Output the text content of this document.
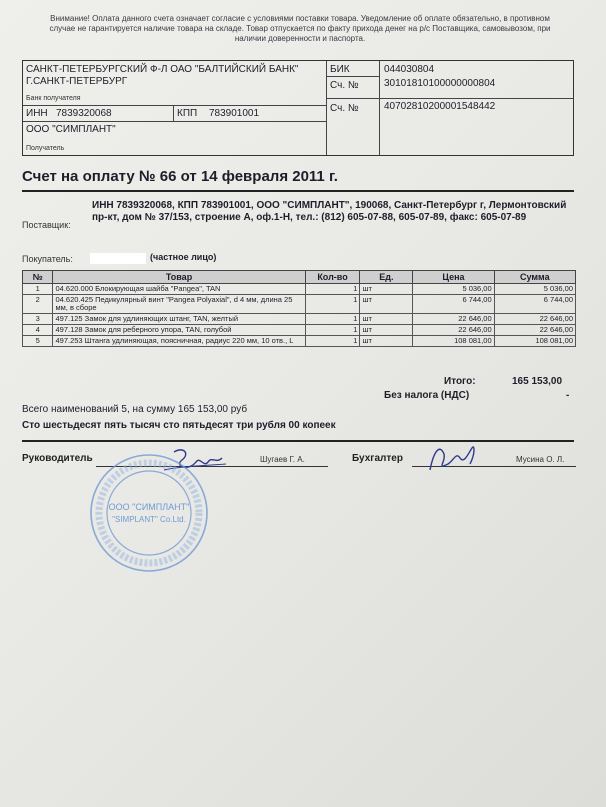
Внимание! Оплата данного счета означает согласие с условиями поставки товара. Уведомление об оплате обязательно, в противном случае не гарантируется наличие товара на складе. Товар отпускается по факту прихода денег на р/с Поставщика, самовывозом, при наличии доверенности и паспорта.
САНКТ-ПЕТЕРБУРГСКИЙ Ф-Л ОАО "БАЛТИЙСКИЙ БАНК"
Г.САНКТ-ПЕТЕРБУРГ
Банк получателя
БИК	044030804
Сч. №	30101810100000000804
ИНН 7839320068	КПП 783901001	Сч. №	40702810200001548442
ООО "СИМПЛАНТ"
Получатель
Счет на оплату № 66 от 14 февраля 2011 г.
Поставщик:
ИНН 7839320068, КПП 783901001, ООО "СИМПЛАНТ", 190068, Санкт-Петербург г, Лермонтовский пр-кт, дом № 37/153, строение А, оф.1-Н, тел.: (812) 605-07-88, 605-07-89, факс: 605-07-89
Покупатель:	(частное лицо)
№	Товар	Кол-во	Ед.	Цена	Сумма
1	04.620.000 Блокирующая шайба "Pangea", TAN	1	шт	5 036,00	5 036,00
2	04.620.425 Педикулярный винт "Pangea Polyaxial", d 4 мм, длина 25 мм, в сборе	1	шт	6 744,00	6 744,00
3	497.125 Замок для удлиняющих штанг, TAN, желтый	1	шт	22 646,00	22 646,00
4	497.128 Замок для реберного упора, TAN, голубой	1	шт	22 646,00	22 646,00
5	497.253 Штанга удлиняющая, поясничная, радиус 220 мм, 10 отв., L	1	шт	108 081,00	108 081,00
Итого:	165 153,00
Без налога (НДС)	-
Всего наименований 5, на сумму 165 153,00 руб
Сто шестьдесят пять тысяч сто пятьдесят три рубля 00 копеек
Руководитель	Шугаев Г. А.	Бухгалтер	Мусина О. Л.
ООО "СИМПЛАНТ"
"SIMPLANT" Co.Ltd.
